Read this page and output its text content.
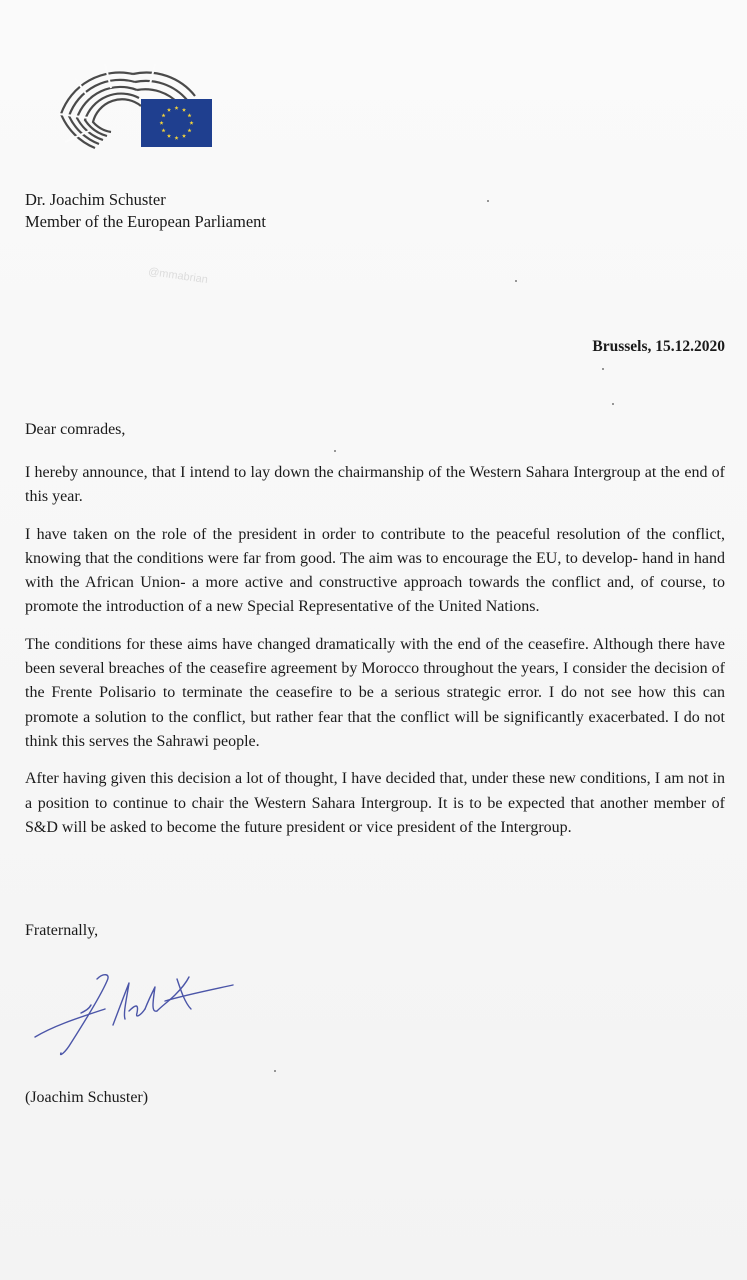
@mmabrian
Dr. Joachim Schuster
Member of the European Parliament
Brussels, 15.12.2020
Dear comrades,

I hereby announce, that I intend to lay down the chairmanship of the Western Sahara Intergroup at the end of this year.

I have taken on the role of the president in order to contribute to the peaceful resolution of the conflict, knowing that the conditions were far from good. The aim was to encourage the EU, to develop- hand in hand with the African Union- a more active and constructive approach towards the conflict and, of course, to promote the introduction of a new Special Representative of the United Nations.

The conditions for these aims have changed dramatically with the end of the ceasefire. Although there have been several breaches of the ceasefire agreement by Morocco throughout the years, I consider the decision of the Frente Polisario to terminate the ceasefire to be a serious strategic error. I do not see how this can promote a solution to the conflict, but rather fear that the conflict will be significantly exacerbated. I do not think this serves the Sahrawi people.

After having given this decision a lot of thought, I have decided that, under these new conditions, I am not in a position to continue to chair the Western Sahara Intergroup. It is to be expected that another member of S&D will be asked to become the future president or vice president of the Intergroup.

Fraternally,
(Joachim Schuster)
